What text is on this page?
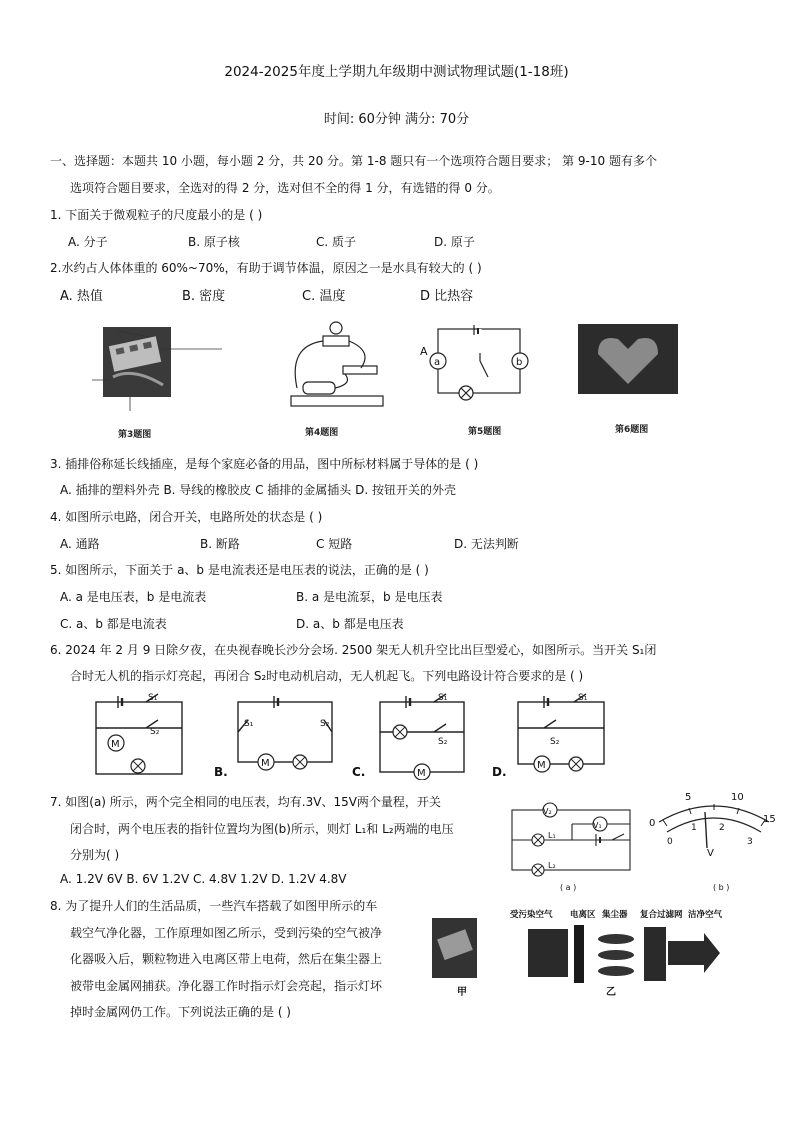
2024-2025年度上学期九年级期中测试物理试题(1-18班)
时间: 60分钟 满分: 70分
一、选择题：本题共 10 小题，每小题 2 分，共 20 分。第 1-8 题只有一个选项符合题目要求； 第 9-10 题有多个
选项符合题目要求，全选对的得 2 分，选对但不全的得 1 分，有选错的得 0 分。
1. 下面关于微观粒子的尺度最小的是 ( )
A. 分子	B. 原子核	C. 质子	D. 原子
2.水约占人体体重的 60%~70%，有助于调节体温，原因之一是水具有较大的 ( )
A. 热值	B. 密度	C. 温度	D 比热容
第3题图	第4题图
A
a	b
第5题图	第6题图
3. 插排俗称延长线插座，是每个家庭必备的用品，图中所标材料属于导体的是 ( )
A. 插排的塑料外壳 B. 导线的橡胶皮 C 插排的金属插头 D. 按钮开关的外壳
4. 如图所示电路，闭合开关，电路所处的状态是 ( )
A. 通路	B. 断路	C 短路	D. 无法判断
5. 如图所示，下面关于 a、b 是电流表还是电压表的说法，正确的是 ( )
A. a 是电压表，b 是电流表	B. a 是电流泵，b 是电压表
C. a、b 都是电流表	D. a、b 都是电压表
6. 2024 年 2 月 9 日除夕夜，在央视春晚长沙分会场. 2500 架无人机升空比出巨型爱心，如图所示。当开关 S₁闭
合时无人机的指示灯亮起，再闭合 S₂时电动机启动，无人机起飞。下列电路设计符合要求的是 ( )
M
S₁
S₂
M
S₁	S₂
B.	M
S₁
S₂
C.	M
S₁
S₂
D.
7. 如图(a) 所示，两个完全相同的电压表，均有.3V、15V两个量程，开关
闭合时，两个电压表的指针位置均为图(b)所示，则灯 L₁和 L₂两端的电压
分别为( )
A. 1.2V 6V B. 6V 1.2V C. 4.8V 1.2V D. 1.2V 4.8V
V₂
V₁
L₁
L₂
( a )
0
5	10
15
0
1 2
3
V
( b )
8. 为了提升人们的生活品质，一些汽车搭载了如图甲所示的车
载空气净化器，工作原理如图乙所示，受到污染的空气被净
化器吸入后，颗粒物进入电离区带上电荷，然后在集尘器上
被带电金属网捕获。净化器工作时指示灯会亮起，指示灯坏
掉时金属网仍工作。下列说法正确的是 ( )
甲
受污染空气 电离区 集尘器 复合过滤网 洁净空气
乙
